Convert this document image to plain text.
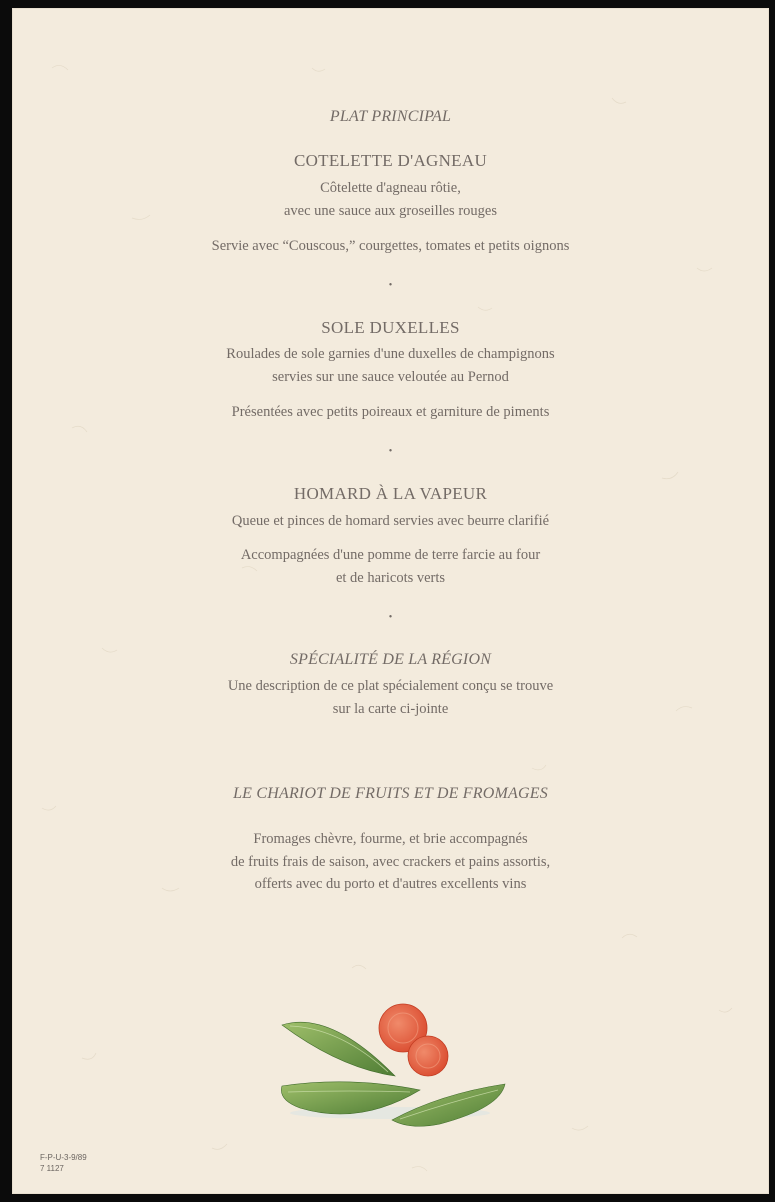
PLAT PRINCIPAL
COTELETTE D'AGNEAU
Côtelette d'agneau rôtie,
avec une sauce aux groseilles rouges
Servie avec “Couscous,” courgettes, tomates et petits oignons
•
SOLE DUXELLES
Roulades de sole garnies d'une duxelles de champignons
servies sur une sauce veloutée au Pernod
Présentées avec petits poireaux et garniture de piments
•
HOMARD À LA VAPEUR
Queue et pinces de homard servies avec beurre clarifié
Accompagnées d'une pomme de terre farcie au four
et de haricots verts
•
SPÉCIALITÉ DE LA RÉGION
Une description de ce plat spécialement conçu se trouve
sur la carte ci-jointe
LE CHARIOT DE FRUITS ET DE FROMAGES
Fromages chèvre, fourme, et brie accompagnés
de fruits frais de saison, avec crackers et pains assortis,
offerts avec du porto et d'autres excellents vins
F-P-U-3-9/89
7 1127
